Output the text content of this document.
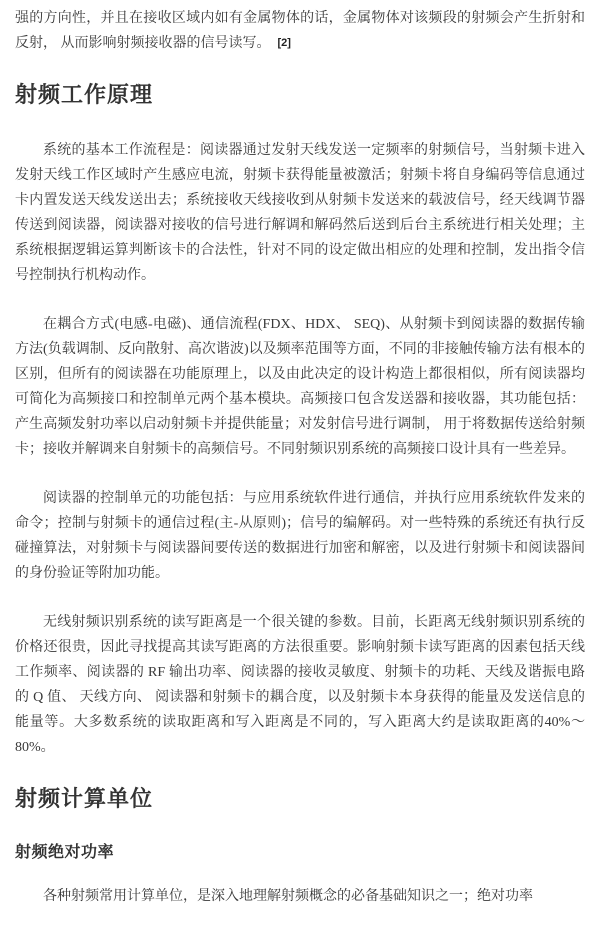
强的方向性，并且在接收区域内如有金属物体的话，金属物体对该频段的射频会产生折射和反射， 从而影响射频接收器的信号读写。 [2]

射频工作原理

系统的基本工作流程是：阅读器通过发射天线发送一定频率的射频信号，当射频卡进入发射天线工作区域时产生感应电流，射频卡获得能量被激活；射频卡将自身编码等信息通过卡内置发送天线发送出去；系统接收天线接收到从射频卡发送来的载波信号，经天线调节器传送到阅读器，阅读器对接收的信号进行解调和解码然后送到后台主系统进行相关处理；主系统根据逻辑运算判断该卡的合法性，针对不同的设定做出相应的处理和控制，发出指令信号控制执行机构动作。

在耦合方式(电感-电磁)、通信流程(FDX、HDX、 SEQ)、从射频卡到阅读器的数据传输方法(负载调制、反向散射、高次谐波)以及频率范围等方面，不同的非接触传输方法有根本的区别，但所有的阅读器在功能原理上，以及由此决定的设计构造上都很相似，所有阅读器均可简化为高频接口和控制单元两个基本模块。高频接口包含发送器和接收器，其功能包括：产生高频发射功率以启动射频卡并提供能量；对发射信号进行调制， 用于将数据传送给射频卡；接收并解调来自射频卡的高频信号。不同射频识别系统的高频接口设计具有一些差异。

阅读器的控制单元的功能包括：与应用系统软件进行通信，并执行应用系统软件发来的命令；控制与射频卡的通信过程(主-从原则)；信号的编解码。对一些特殊的系统还有执行反碰撞算法，对射频卡与阅读器间要传送的数据进行加密和解密，以及进行射频卡和阅读器间的身份验证等附加功能。

无线射频识别系统的读写距离是一个很关键的参数。目前，长距离无线射频识别系统的价格还很贵，因此寻找提高其读写距离的方法很重要。影响射频卡读写距离的因素包括天线工作频率、阅读器的 RF 输出功率、阅读器的接收灵敏度、射频卡的功耗、天线及谐振电路的 Q 值、 天线方向、 阅读器和射频卡的耦合度，以及射频卡本身获得的能量及发送信息的能量等。大多数系统的读取距离和写入距离是不同的，写入距离大约是读取距离的40%～80%。

射频计算单位
射频绝对功率

各种射频常用计算单位，是深入地理解射频概念的必备基础知识之一；绝对功率
